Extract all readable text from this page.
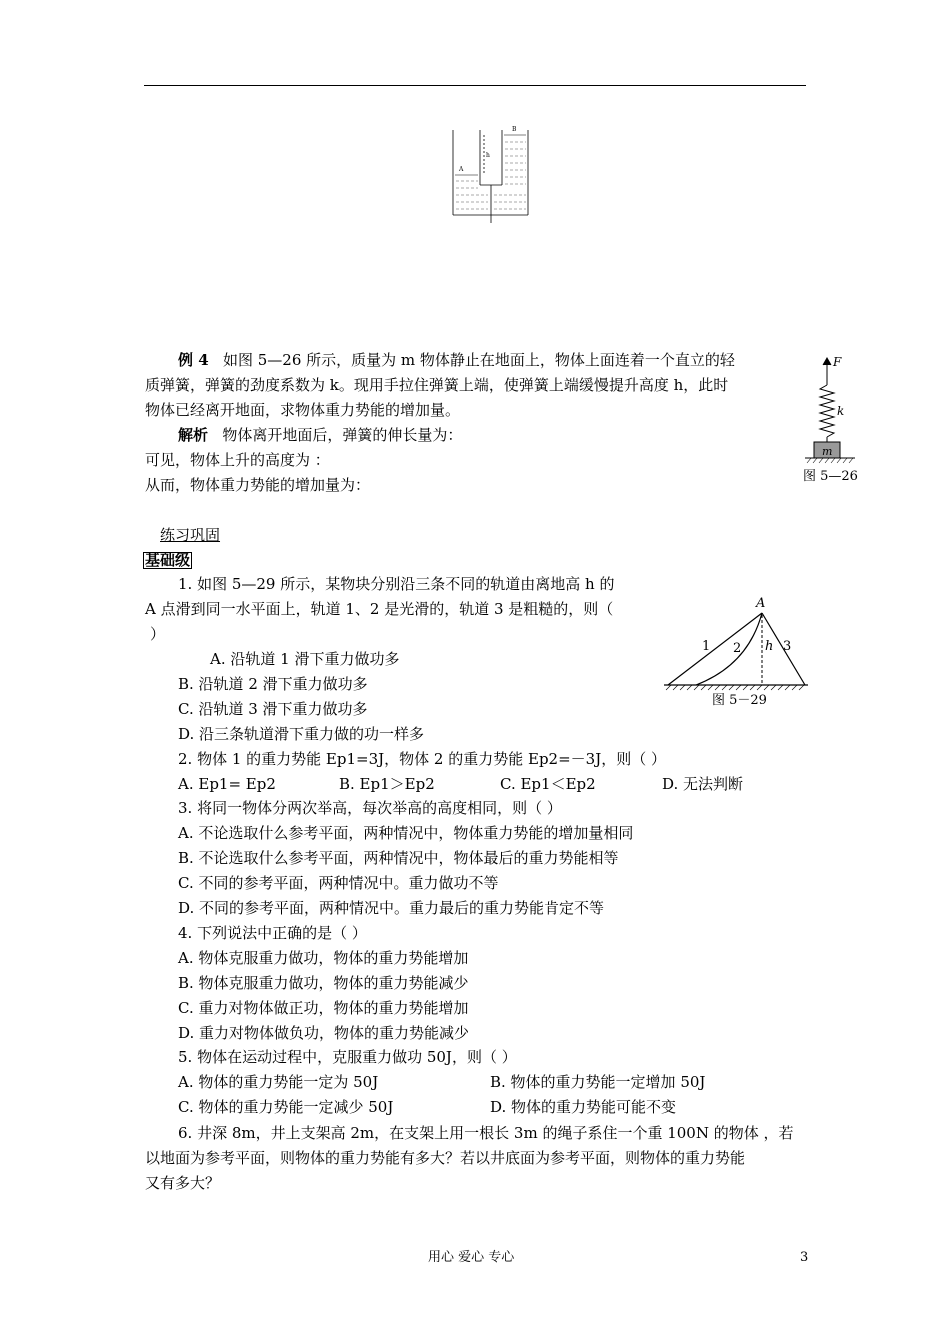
A
B
h
例 4 如图 5—26 所示，质量为 m 物体静止在地面上，物体上面连着一个直立的轻
质弹簧，弹簧的劲度系数为 k。现用手拉住弹簧上端，使弹簧上端缓慢提升高度 h，此时
物体已经离开地面，求物体重力势能的增加量。
解析 物体离开地面后，弹簧的伸长量为：
可见，物体上升的高度为 ：
从而，物体重力势能的增加量为：
F
k
m
图 5—26
练习巩固
基础级
1. 如图 5—29 所示，某物块分别沿三条不同的轨道由离地高 h 的
A 点滑到同一水平面上，轨道 1、2 是光滑的，轨道 3 是粗糙的，则（
）
A. 沿轨道 1 滑下重力做功多
B. 沿轨道 2 滑下重力做功多
C. 沿轨道 3 滑下重力做功多
D. 沿三条轨道滑下重力做的功一样多
A
1 2 h 3
图 5－29
2. 物体 1 的重力势能 Ep1=3J，物体 2 的重力势能 Ep2=－3J，则（ ）
A. Ep1= Ep2	B. Ep1＞Ep2	C. Ep1＜Ep2	D. 无法判断
3. 将同一物体分两次举高，每次举高的高度相同，则（ ）
A. 不论选取什么参考平面，两种情况中，物体重力势能的增加量相同
B. 不论选取什么参考平面，两种情况中，物体最后的重力势能相等
C. 不同的参考平面，两种情况中。重力做功不等
D. 不同的参考平面，两种情况中。重力最后的重力势能肯定不等
4. 下列说法中正确的是（ ）
A. 物体克服重力做功，物体的重力势能增加
B. 物体克服重力做功，物体的重力势能减少
C. 重力对物体做正功，物体的重力势能增加
D. 重力对物体做负功，物体的重力势能减少
5. 物体在运动过程中，克服重力做功 50J，则（ ）
A. 物体的重力势能一定为 50J	B. 物体的重力势能一定增加 50J
C. 物体的重力势能一定减少 50J	D. 物体的重力势能可能不变
6. 井深 8m，井上支架高 2m，在支架上用一根长 3m 的绳子系住一个重 100N 的物体 ，若
以地面为参考平面，则物体的重力势能有多大？若以井底面为参考平面，则物体的重力势能
又有多大？
用心 爱心 专心	3
